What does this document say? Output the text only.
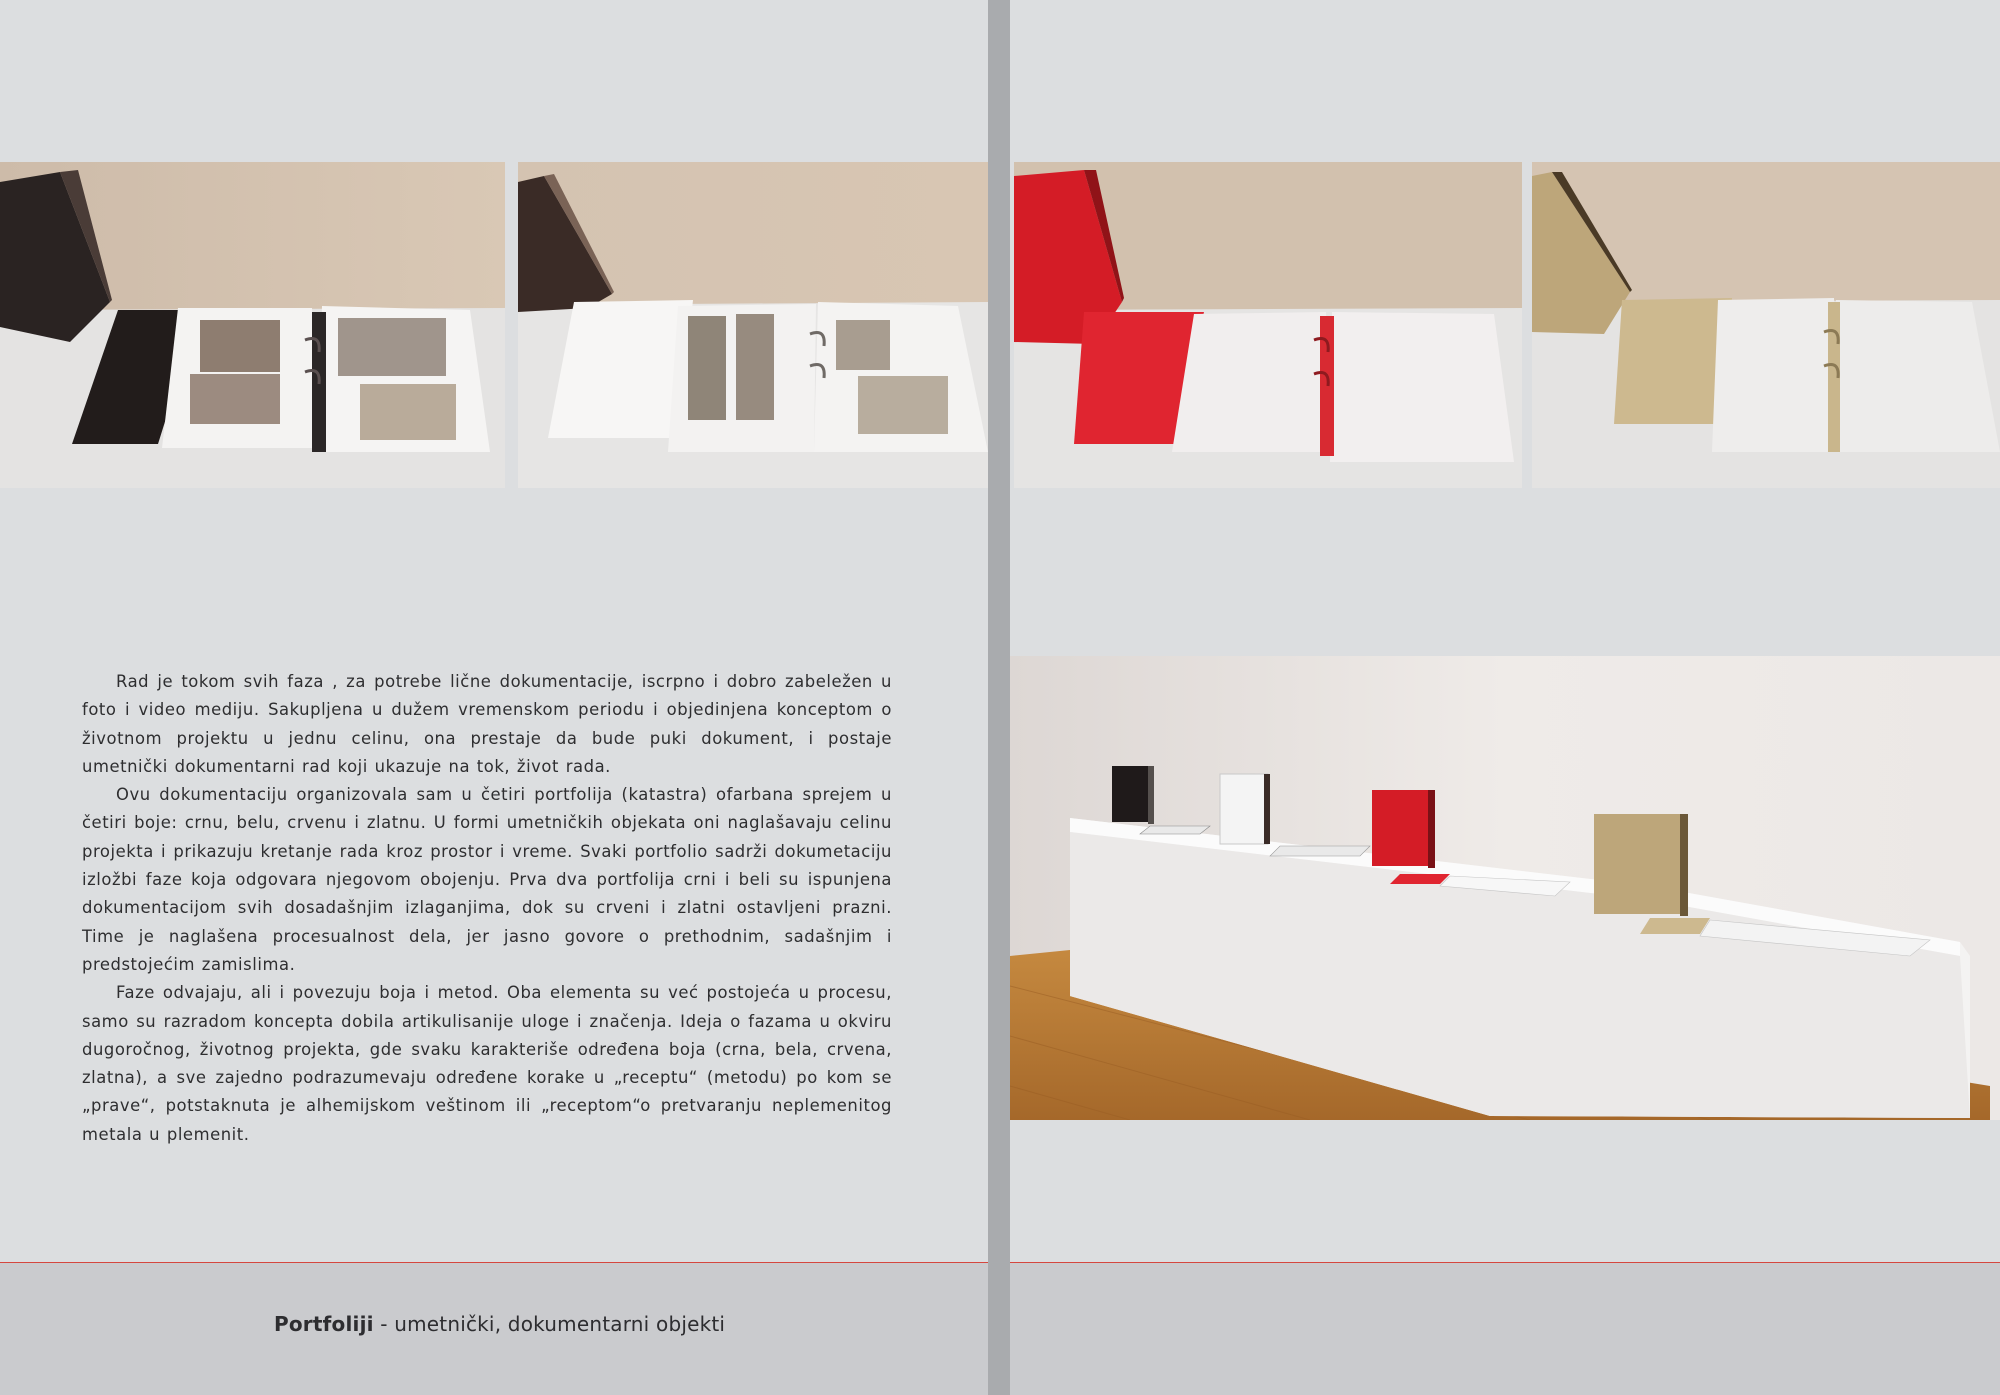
Rad je tokom svih faza , za potrebe lične dokumentacije, iscrpno i dobro zabeležen u foto i video mediju. Sakupljena u dužem vremenskom periodu i objedinjena konceptom o životnom projektu u jednu celinu, ona prestaje da bude puki dokument, i postaje umetnički dokumentarni rad koji ukazuje na tok, život rada.

Ovu dokumentaciju organizovala sam u četiri portfolija (katastra) ofarbana sprejem u četiri boje: crnu, belu, crvenu i zlatnu. U formi umetničkih objekata oni naglašavaju celinu projekta i prikazuju kretanje rada kroz prostor i vreme. Svaki portfolio sadrži dokumetaciju izložbi faze koja odgovara njegovom obojenju. Prva dva portfolija crni i beli su ispunjena dokumentacijom svih dosadašnjim izlaganjima, dok su crveni i zlatni ostavljeni prazni. Time je naglašena procesualnost dela, jer jasno govore o prethodnim, sadašnjim i predstojećim zamislima.

Faze odvajaju, ali i povezuju boja i metod. Oba elementa su već postojeća u procesu, samo su razradom koncepta dobila artikulisanije uloge i značenja. Ideja o fazama u okviru dugoročnog, životnog projekta, gde svaku karakteriše određena boja (crna, bela, crvena, zlatna), a sve zajedno podrazumevaju određene korake u „receptu“ (metodu) po kom se „prave“, potstaknuta je alhemijskom veštinom ili „receptom“o pretvaranju neplemenitog metala u plemenit.

Portfoliji - umetnički, dokumentarni objekti
